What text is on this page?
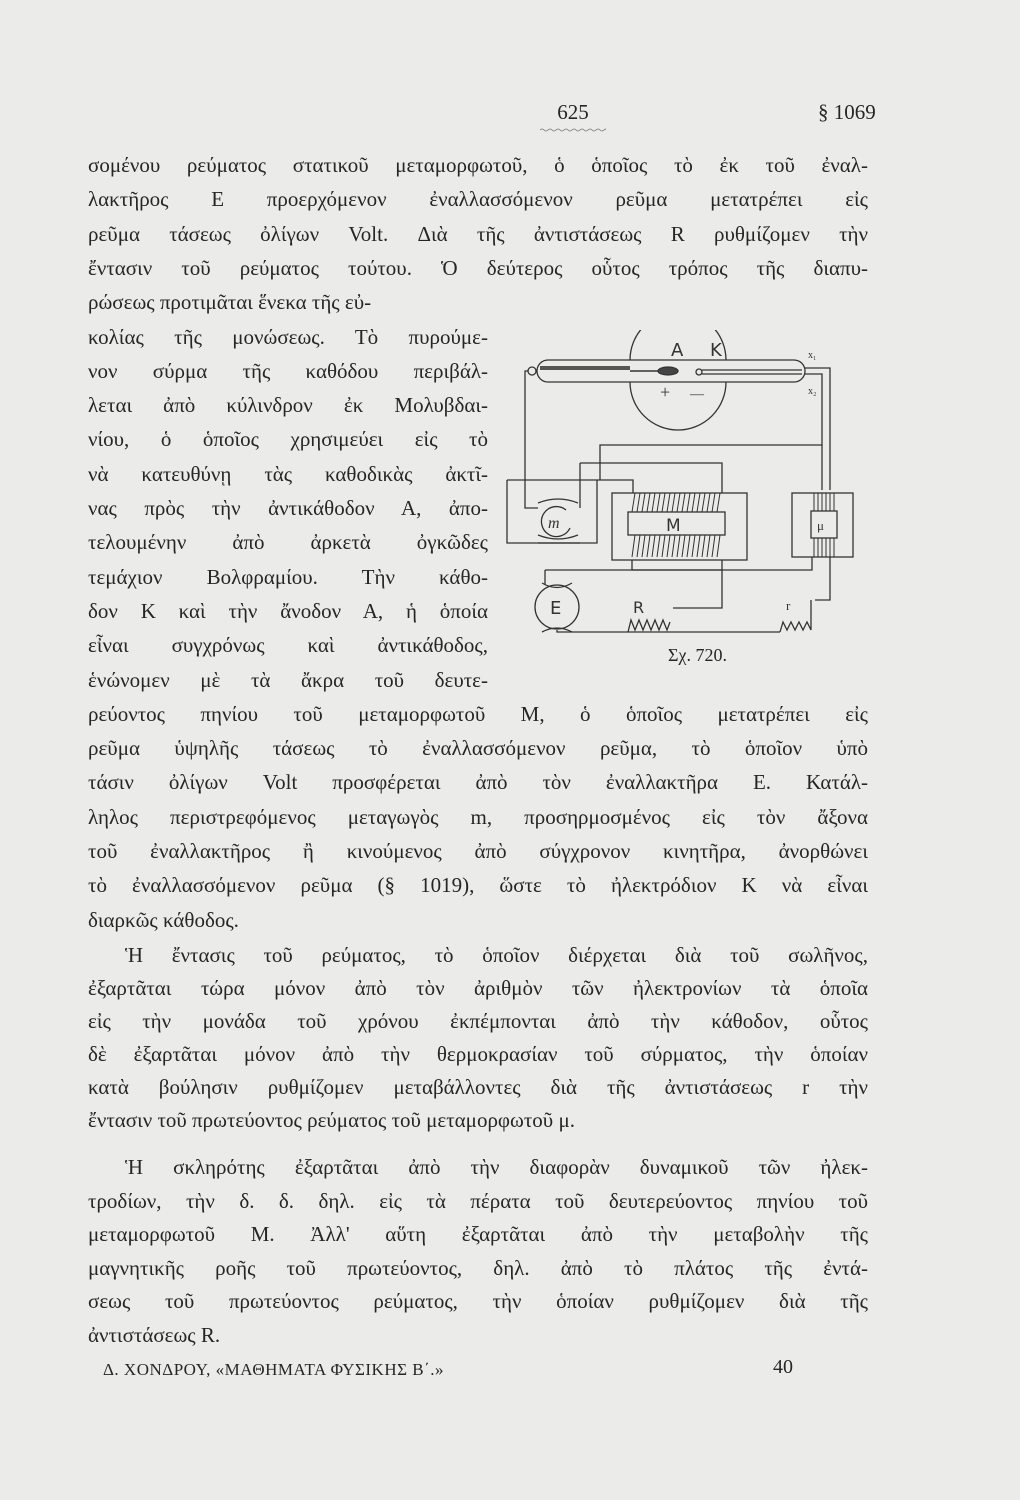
625	§ 1069
σομένου ρεύματος στατικοῦ μεταμορφωτοῦ, ὁ ὁποῖος τὸ ἐκ τοῦ ἐναλ-
λακτῆρος Ε προερχόμενον ἐναλλασσόμενον ρεῦμα μετατρέπει εἰς
ρεῦμα τάσεως ὀλίγων Volt. Διὰ τῆς ἀντιστάσεως R ρυθμίζομεν τὴν
ἔντασιν τοῦ ρεύματος τούτου. Ὁ δεύτερος οὗτος τρόπος τῆς διαπυ-
ρώσεως προτιμᾶται ἕνεκα τῆς εὐ-
κολίας τῆς μονώσεως. Τὸ πυρούμε-
νον σύρμα τῆς καθόδου περιβάλ-
λεται ἀπὸ κύλινδρον ἐκ Μολυβδαι-
νίου, ὁ ὁποῖος χρησιμεύει εἰς τὸ
νὰ κατευθύνῃ τὰς καθοδικὰς ἀκτῖ-
νας πρὸς τὴν ἀντικάθοδον Α, ἀπο-
τελουμένην ἀπὸ ἀρκετὰ ὀγκῶδες
τεμάχιον Βολφραμίου. Τὴν κάθο-
δον Κ καὶ τὴν ἄνοδον Α, ἡ ὁποία
εἶναι συγχρόνως καὶ ἀντικάθοδος,
ἑνώνομεν μὲ τὰ ἄκρα τοῦ δευτε-
ρεύοντος πηνίου τοῦ μεταμορφωτοῦ Μ, ὁ ὁποῖος μετατρέπει εἰς
ρεῦμα ὑψηλῆς τάσεως τὸ ἐναλλασσόμενον ρεῦμα, τὸ ὁποῖον ὑπὸ
τάσιν ὀλίγων Volt προσφέρεται ἀπὸ τὸν ἐναλλακτῆρα Ε. Κατάλ-
ληλος περιστρεφόμενος μεταγωγὸς m, προσηρμοσμένος εἰς τὸν ἄξονα
τοῦ ἐναλλακτῆρος ἢ κινούμενος ἀπὸ σύγχρονον κινητῆρα, ἀνορθώνει
τὸ ἐναλλασσόμενον ρεῦμα (§ 1019), ὥστε τὸ ἠλεκτρόδιον Κ νὰ εἶναι
διαρκῶς κάθοδος.
Ἡ ἔντασις τοῦ ρεύματος, τὸ ὁποῖον διέρχεται διὰ τοῦ σωλῆνος,
ἐξαρτᾶται τώρα μόνον ἀπὸ τὸν ἀριθμὸν τῶν ἠλεκτρονίων τὰ ὁποῖα
εἰς τὴν μονάδα τοῦ χρόνου ἐκπέμπονται ἀπὸ τὴν κάθοδον, οὗτος
δὲ ἐξαρτᾶται μόνον ἀπὸ τὴν θερμοκρασίαν τοῦ σύρματος, τὴν ὁποίαν
κατὰ βούλησιν ρυθμίζομεν μεταβάλλοντες διὰ τῆς ἀντιστάσεως r τὴν
ἔντασιν τοῦ πρωτεύοντος ρεύματος τοῦ μεταμορφωτοῦ μ.
Ἡ σκληρότης ἐξαρτᾶται ἀπὸ τὴν διαφορὰν δυναμικοῦ τῶν ἠλεκ-
τροδίων, τὴν δ. δ. δηλ. εἰς τὰ πέρατα τοῦ δευτερεύοντος πηνίου τοῦ
μεταμορφωτοῦ Μ. Ἀλλ' αὕτη ἐξαρτᾶται ἀπὸ τὴν μεταβολὴν τῆς
μαγνητικῆς ροῆς τοῦ πρωτεύοντος, δηλ. ἀπὸ τὸ πλάτος τῆς ἐντά-
σεως τοῦ πρωτεύοντος ρεύματος, τὴν ὁποίαν ρυθμίζομεν διὰ τῆς
ἀντιστάσεως R.
A K
+ —
x₁
x₂
m	M	μ
E	R	r
Σχ. 720.
Δ. ΧΟΝΔΡΟΥ, «ΜΑΘΗΜΑΤΑ ΦΥΣΙΚΗΣ Β΄.»	40
